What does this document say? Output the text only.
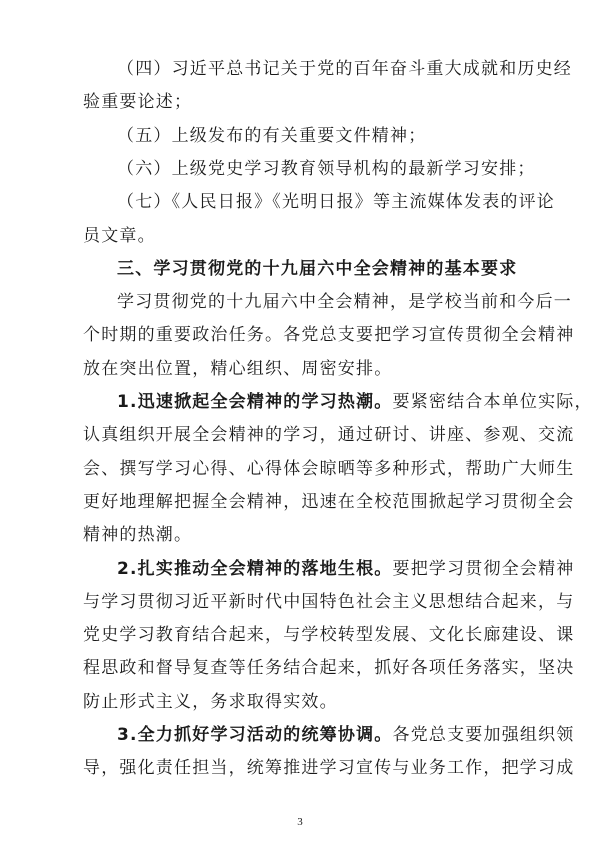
（四）习近平总书记关于党的百年奋斗重大成就和历史经
验重要论述；
（五）上级发布的有关重要文件精神；
（六）上级党史学习教育领导机构的最新学习安排；
（七）《人民日报》《光明日报》等主流媒体发表的评论
员文章。
三、学习贯彻党的十九届六中全会精神的基本要求
学习贯彻党的十九届六中全会精神，是学校当前和今后一
个时期的重要政治任务。各党总支要把学习宣传贯彻全会精神
放在突出位置，精心组织、周密安排。
1.迅速掀起全会精神的学习热潮。要紧密结合本单位实际，
认真组织开展全会精神的学习，通过研讨、讲座、参观、交流
会、撰写学习心得、心得体会晾晒等多种形式，帮助广大师生
更好地理解把握全会精神，迅速在全校范围掀起学习贯彻全会
精神的热潮。
2.扎实推动全会精神的落地生根。要把学习贯彻全会精神
与学习贯彻习近平新时代中国特色社会主义思想结合起来，与
党史学习教育结合起来，与学校转型发展、文化长廊建设、课
程思政和督导复查等任务结合起来，抓好各项任务落实，坚决
3
防止形式主义，务求取得实效。
3.全力抓好学习活动的统筹协调。各党总支要加强组织领
导，强化责任担当，统筹推进学习宣传与业务工作，把学习成
